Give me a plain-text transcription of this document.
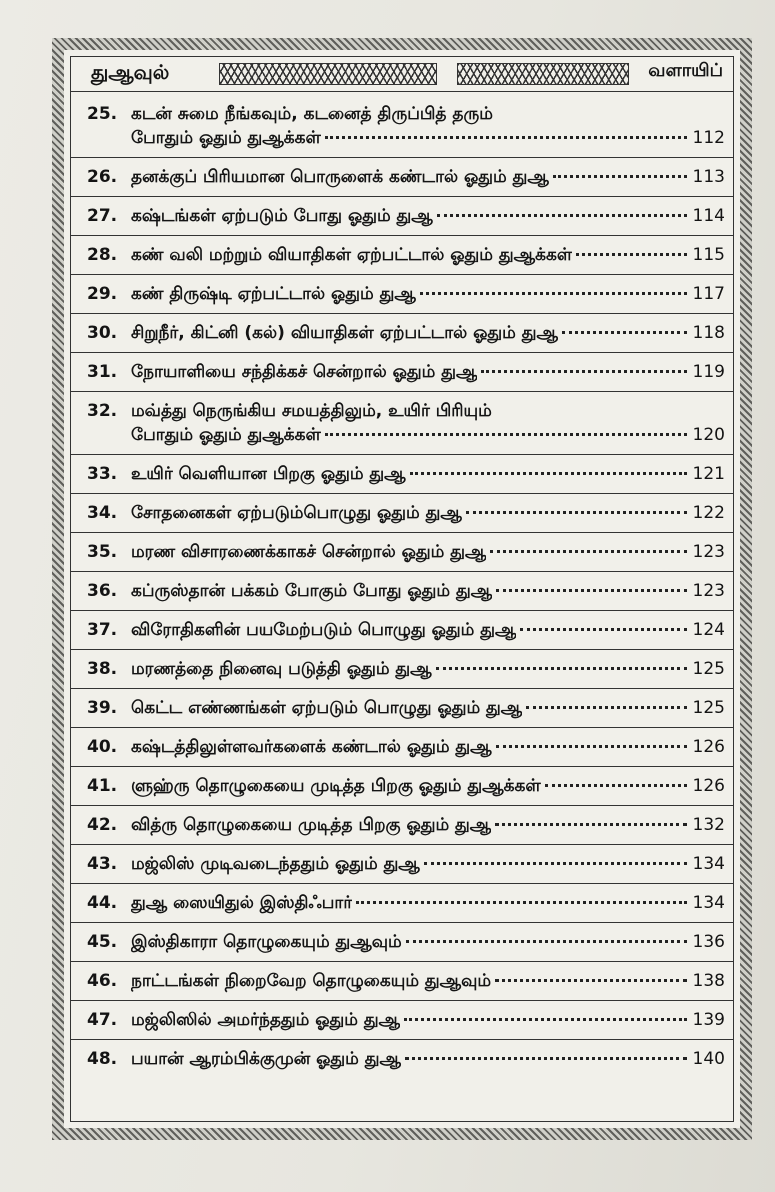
துஆவுல்	வளாயிப்
25. கடன் சுமை நீங்கவும், கடனைத் திருப்பித் தரும்
போதும் ஓதும் துஆக்கள்	112
26. தனக்குப் பிரியமான பொருளைக் கண்டால் ஓதும் துஆ	113
27. கஷ்டங்கள் ஏற்படும் போது ஓதும் துஆ	114
28. கண் வலி மற்றும் வியாதிகள் ஏற்பட்டால் ஓதும் துஆக்கள்	115
29. கண் திருஷ்டி ஏற்பட்டால் ஓதும் துஆ	117
30. சிறுநீர், கிட்னி (கல்) வியாதிகள் ஏற்பட்டால் ஓதும் துஆ	118
31. நோயாளியை சந்திக்கச் சென்றால் ஓதும் துஆ	119
32. மவ்த்து நெருங்கிய சமயத்திலும், உயிர் பிரியும்
போதும் ஓதும் துஆக்கள்	120
33. உயிர் வெளியான பிறகு ஓதும் துஆ	121
34. சோதனைகள் ஏற்படும்பொழுது ஓதும் துஆ	122
35. மரண விசாரணைக்காகச் சென்றால் ஓதும் துஆ	123
36. கப்ருஸ்தான் பக்கம் போகும் போது ஓதும் துஆ	123
37. விரோதிகளின் பயமேற்படும் பொழுது ஓதும் துஆ	124
38. மரணத்தை நினைவு படுத்தி ஓதும் துஆ	125
39. கெட்ட எண்ணங்கள் ஏற்படும் பொழுது ஓதும் துஆ	125
40. கஷ்டத்திலுள்ளவர்களைக் கண்டால் ஓதும் துஆ	126
41. ளுஹ்ரு தொழுகையை முடித்த பிறகு ஓதும் துஆக்கள்	126
42. வித்ரு தொழுகையை முடித்த பிறகு ஓதும் துஆ	132
43. மஜ்லிஸ் முடிவடைந்ததும் ஓதும் துஆ	134
44. துஆ ஸையிதுல் இஸ்திஃபார்	134
45. இஸ்திகாரா தொழுகையும் துஆவும்	136
46. நாட்டங்கள் நிறைவேற தொழுகையும் துஆவும்	138
47. மஜ்லிஸில் அமர்ந்ததும் ஓதும் துஆ	139
48. பயான் ஆரம்பிக்குமுன் ஓதும் துஆ	140
